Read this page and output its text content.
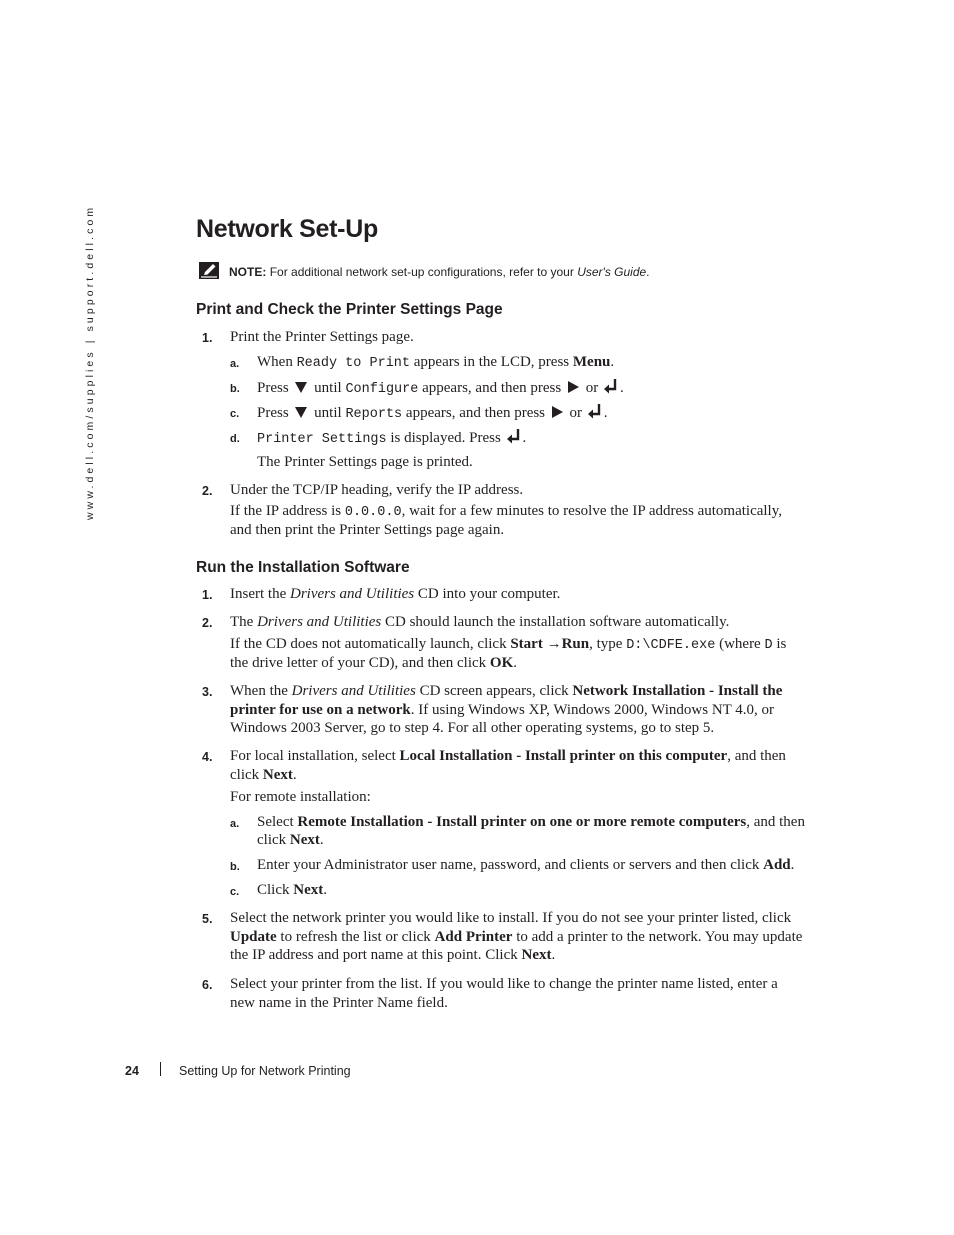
www.dell.com/supplies | support.dell.com	Network Set-Up
NOTE: For additional network set-up configurations, refer to your User's Guide.
Print and Check the Printer Settings Page
1. Print the Printer Settings page.
a. When Ready to Print appears in the LCD, press Menu.
b. Press  until Configure appears, and then press  or .
c. Press  until Reports appears, and then press  or .
d. Printer Settings is displayed. Press .
The Printer Settings page is printed.
2. Under the TCP/IP heading, verify the IP address.
If the IP address is 0.0.0.0, wait for a few minutes to resolve the IP address automatically,
and then print the Printer Settings page again.
Run the Installation Software
1. Insert the Drivers and Utilities CD into your computer.
2. The Drivers and Utilities CD should launch the installation software automatically.
If the CD does not automatically launch, click Start →Run, type D:\CDFE.exe (where D is
the drive letter of your CD), and then click OK.
3. When the Drivers and Utilities CD screen appears, click Network Installation - Install the
printer for use on a network. If using Windows XP, Windows 2000, Windows NT 4.0, or
Windows 2003 Server, go to step 4. For all other operating systems, go to step 5.
4. For local installation, select Local Installation - Install printer on this computer, and then
click Next.
For remote installation:
a. Select Remote Installation - Install printer on one or more remote computers, and then
click Next.
b. Enter your Administrator user name, password, and clients or servers and then click Add.
c. Click Next.
5. Select the network printer you would like to install. If you do not see your printer listed, click
Update to refresh the list or click Add Printer to add a printer to the network. You may update
the IP address and port name at this point. Click Next.
6. Select your printer from the list. If you would like to change the printer name listed, enter a
new name in the Printer Name field.
24	Setting Up for Network Printing
